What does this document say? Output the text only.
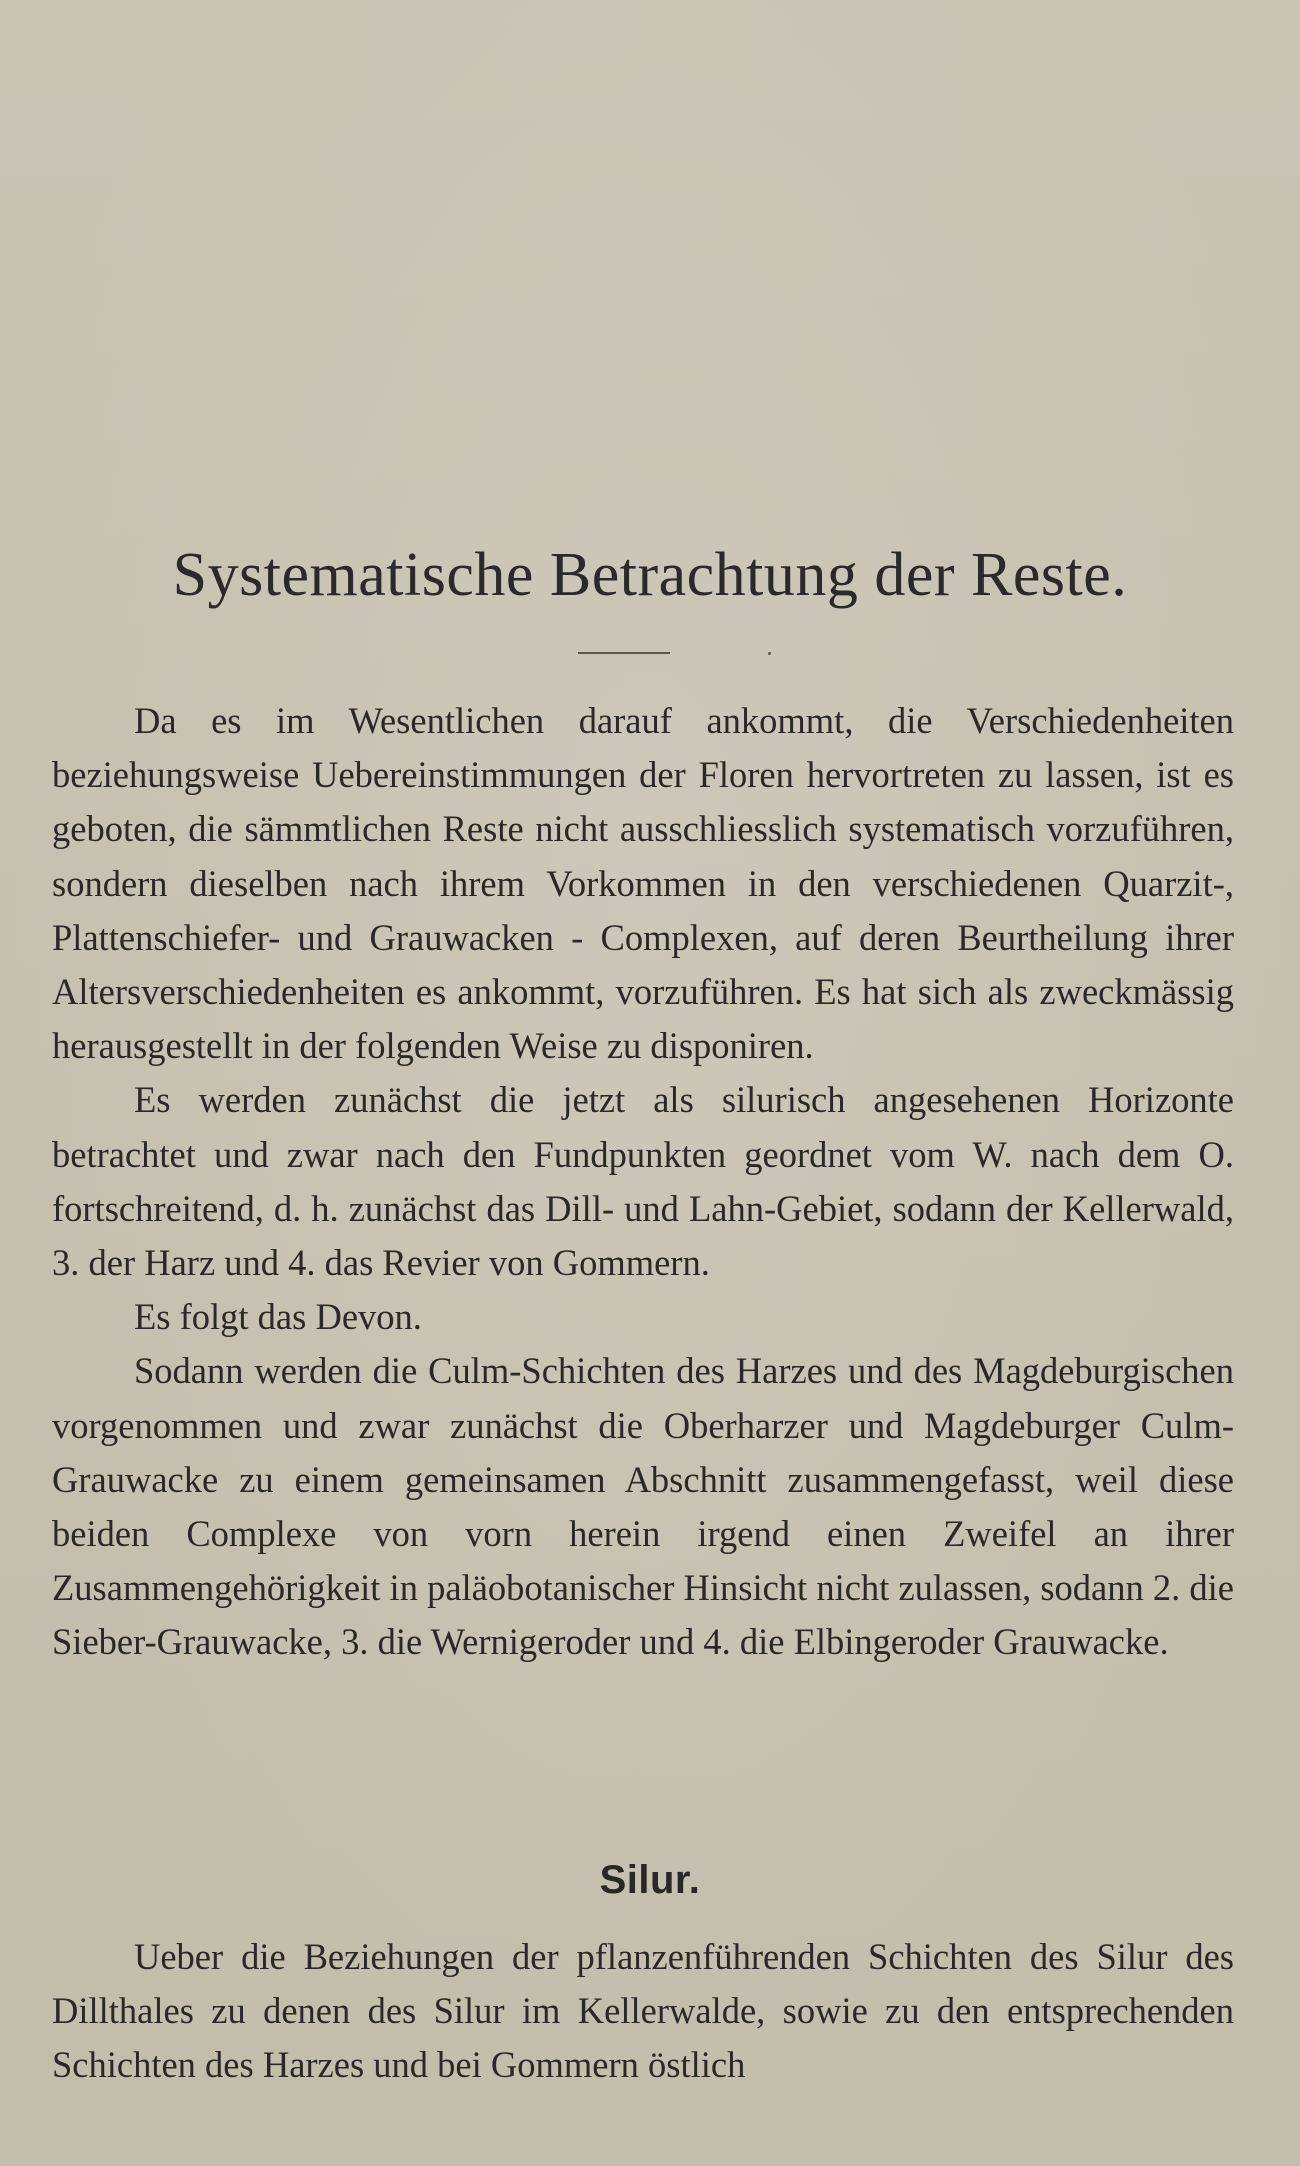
Systematische Betrachtung der Reste.

Da es im Wesentlichen darauf ankommt, die Verschiedenheiten beziehungsweise Uebereinstimmungen der Floren hervortreten zu lassen, ist es geboten, die sämmtlichen Reste nicht ausschliesslich systematisch vorzuführen, sondern dieselben nach ihrem Vorkommen in den verschiedenen Quarzit-, Plattenschiefer- und Grauwacken - Complexen, auf deren Beurtheilung ihrer Altersverschiedenheiten es ankommt, vorzuführen. Es hat sich als zweckmässig herausgestellt in der folgenden Weise zu disponiren.

Es werden zunächst die jetzt als silurisch angesehenen Horizonte betrachtet und zwar nach den Fundpunkten geordnet vom W. nach dem O. fortschreitend, d. h. zunächst das Dill- und Lahn-Gebiet, sodann der Kellerwald, 3. der Harz und 4. das Revier von Gommern.

Es folgt das Devon.

Sodann werden die Culm-Schichten des Harzes und des Magdeburgischen vorgenommen und zwar zunächst die Oberharzer und Magdeburger Culm-Grauwacke zu einem gemeinsamen Abschnitt zusammengefasst, weil diese beiden Complexe von vorn herein irgend einen Zweifel an ihrer Zusammengehörigkeit in paläobotanischer Hinsicht nicht zulassen, sodann 2. die Sieber-Grauwacke, 3. die Wernigeroder und 4. die Elbingeroder Grauwacke.

Silur.

Ueber die Beziehungen der pflanzenführenden Schichten des Silur des Dillthales zu denen des Silur im Kellerwalde, sowie zu den entsprechenden Schichten des Harzes und bei Gommern östlich
